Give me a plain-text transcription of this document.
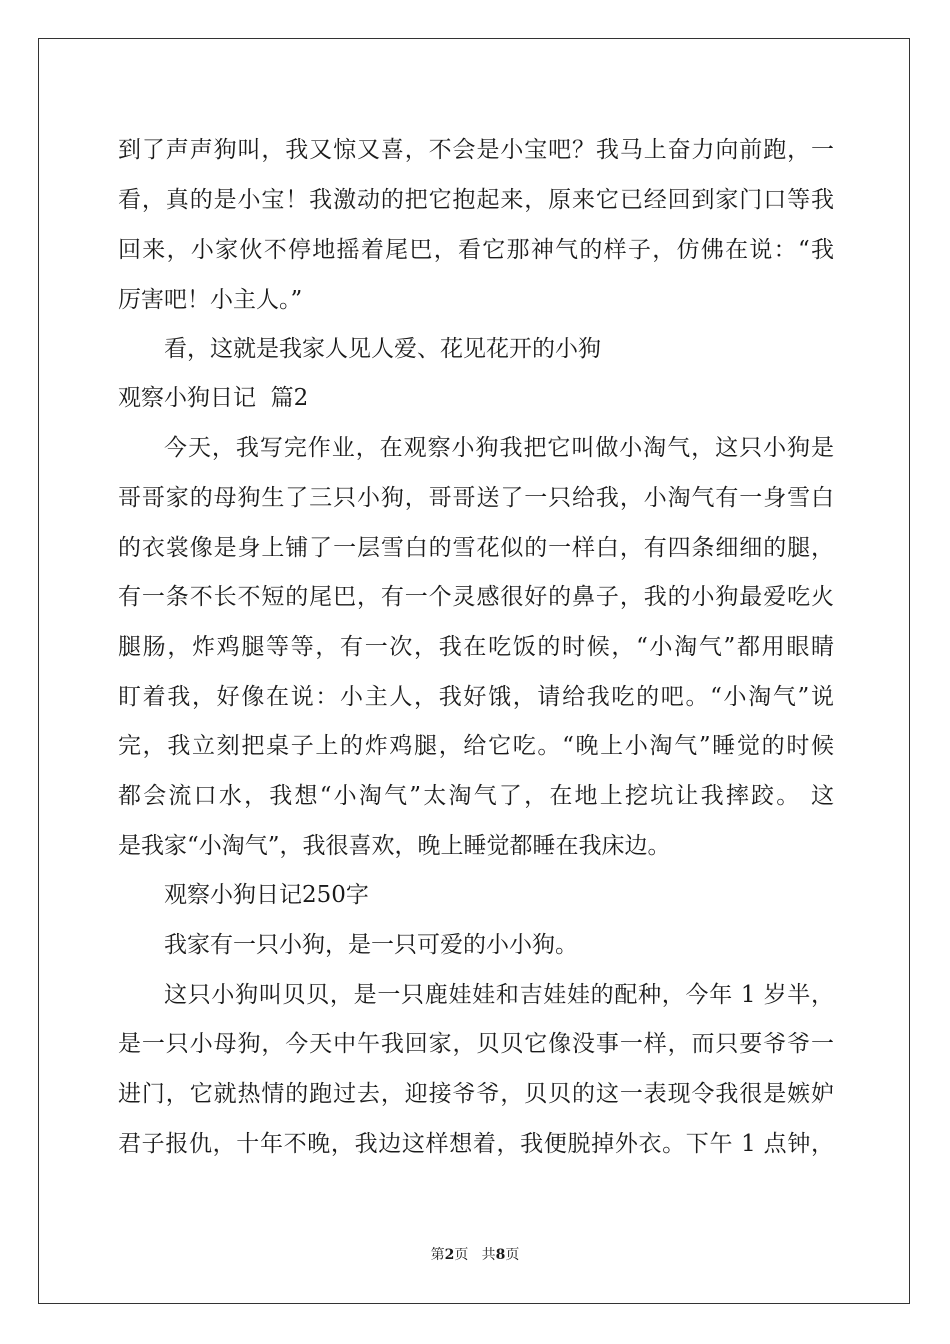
到了声声狗叫，我又惊又喜，不会是小宝吧？我马上奋力向前跑，一
看，真的是小宝！我激动的把它抱起来，原来它已经回到家门口等我
回来，小家伙不停地摇着尾巴，看它那神气的样子，仿佛在说：“我
厉害吧！小主人。”
看，这就是我家人见人爱、花见花开的小狗
观察小狗日记  篇2
今天，我写完作业，在观察小狗我把它叫做小淘气，这只小狗是
哥哥家的母狗生了三只小狗，哥哥送了一只给我，小淘气有一身雪白
的衣裳像是身上铺了一层雪白的雪花似的一样白，有四条细细的腿，
有一条不长不短的尾巴，有一个灵感很好的鼻子，我的小狗最爱吃火
腿肠，炸鸡腿等等，有一次，我在吃饭的时候，“小淘气”都用眼睛
盯着我，好像在说：小主人，我好饿，请给我吃的吧。“小淘气”说
完，我立刻把桌子上的炸鸡腿，给它吃。“晚上小淘气”睡觉的时候
都会流口水，我想“小淘气”太淘气了，在地上挖坑让我摔跤。 这
是我家“小淘气”，我很喜欢，晚上睡觉都睡在我床边。
观察小狗日记250字
我家有一只小狗，是一只可爱的小小狗。
这只小狗叫贝贝，是一只鹿娃娃和吉娃娃的配种，今年 1 岁半，
是一只小母狗，今天中午我回家，贝贝它像没事一样，而只要爷爷一
进门，它就热情的跑过去，迎接爷爷，贝贝的这一表现令我很是嫉妒
君子报仇，十年不晚，我边这样想着，我便脱掉外衣。下午 1 点钟，
第2页 共8页
